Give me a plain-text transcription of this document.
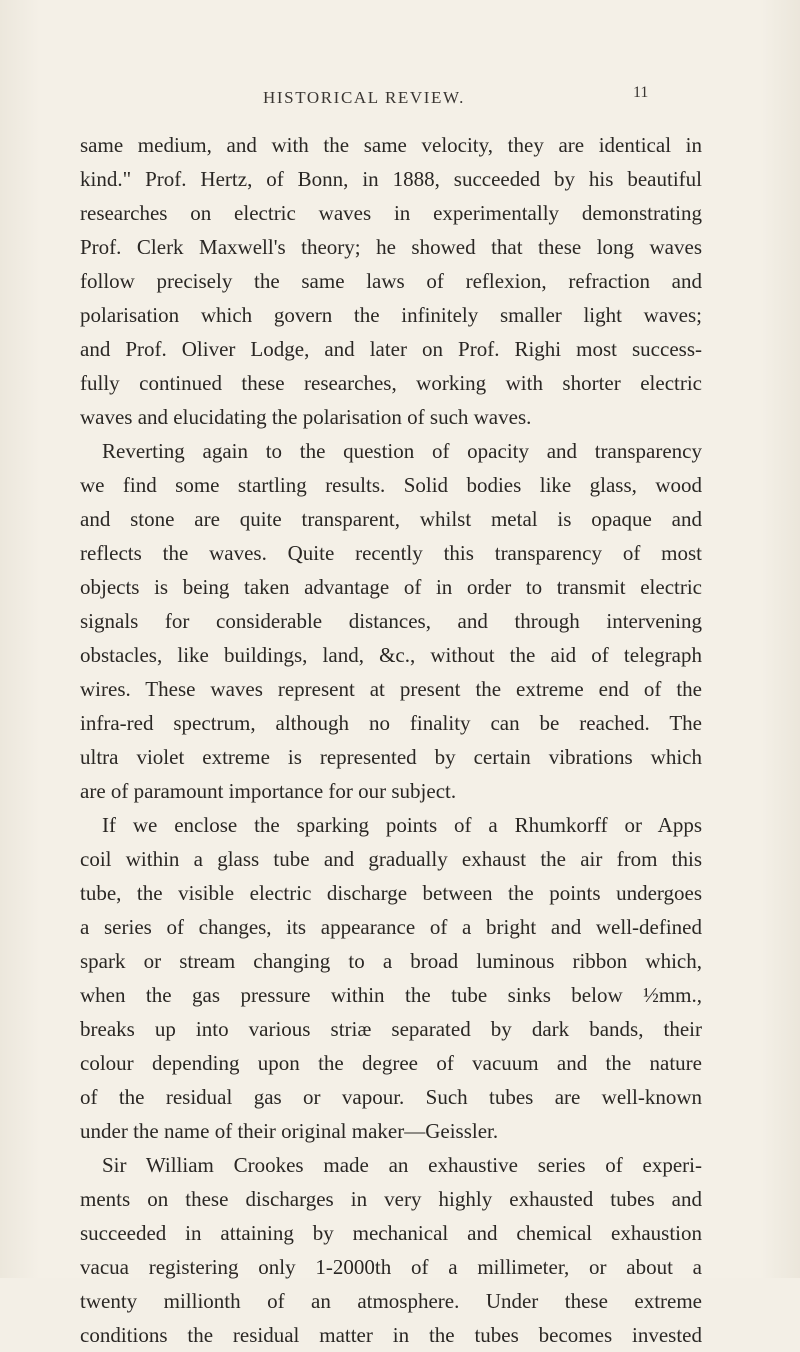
HISTORICAL REVIEW.	11
same medium, and with the same velocity, they are identical in
kind." Prof. Hertz, of Bonn, in 1888, succeeded by his beautiful
researches on electric waves in experimentally demonstrating
Prof. Clerk Maxwell's theory; he showed that these long waves
follow precisely the same laws of reflexion, refraction and
polarisation which govern the infinitely smaller light waves;
and Prof. Oliver Lodge, and later on Prof. Righi most success-
fully continued these researches, working with shorter electric
waves and elucidating the polarisation of such waves.
Reverting again to the question of opacity and transparency
we find some startling results. Solid bodies like glass, wood
and stone are quite transparent, whilst metal is opaque and
reflects the waves. Quite recently this transparency of most
objects is being taken advantage of in order to transmit electric
signals for considerable distances, and through intervening
obstacles, like buildings, land, &c., without the aid of telegraph
wires. These waves represent at present the extreme end of the
infra-red spectrum, although no finality can be reached. The
ultra violet extreme is represented by certain vibrations which
are of paramount importance for our subject.
If we enclose the sparking points of a Rhumkorff or Apps
coil within a glass tube and gradually exhaust the air from this
tube, the visible electric discharge between the points undergoes
a series of changes, its appearance of a bright and well-defined
spark or stream changing to a broad luminous ribbon which,
when the gas pressure within the tube sinks below ½mm.,
breaks up into various striæ separated by dark bands, their
colour depending upon the degree of vacuum and the nature
of the residual gas or vapour. Such tubes are well-known
under the name of their original maker—Geissler.
Sir William Crookes made an exhaustive series of experi-
ments on these discharges in very highly exhausted tubes and
succeeded in attaining by mechanical and chemical exhaustion
vacua registering only 1-2000th of a millimeter, or about a
twenty millionth of an atmosphere. Under these extreme
conditions the residual matter in the tubes becomes invested
